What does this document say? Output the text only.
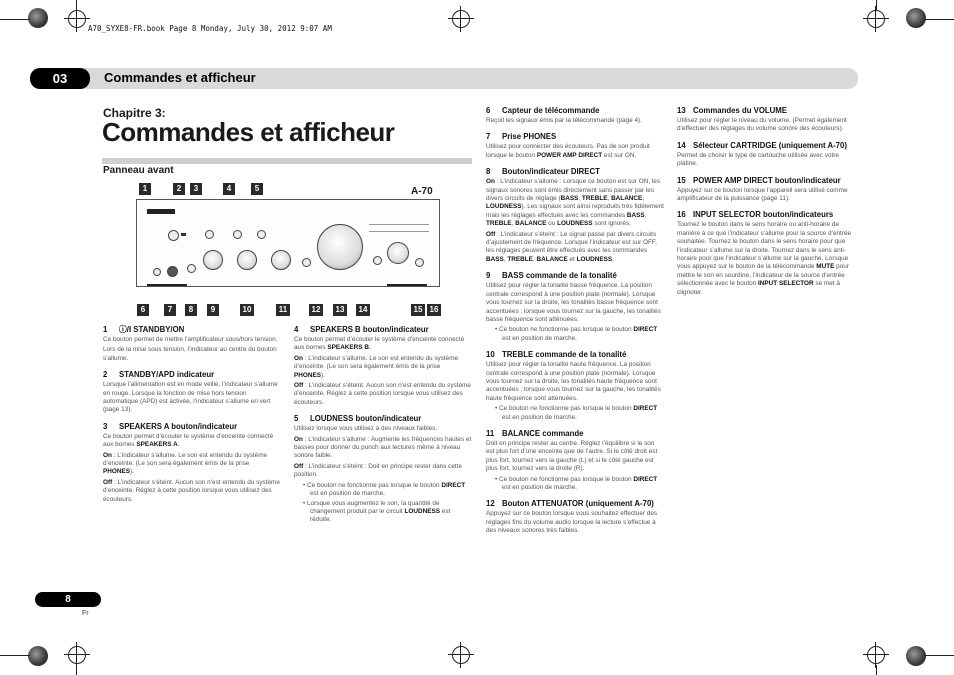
A70_SYXE8-FR.book Page 8 Monday, July 30, 2012 9:07 AM
03	Commandes et afficheur
Chapitre 3:
Commandes et afficheur
Panneau avant
A-70
1	2	3	4	5
6	7	8	9	10	11	12	13	14	15 16
1 ⓘ/I STANDBY/ON

Ce bouton permet de mettre l’amplificateur sous/hors tension.

Lors de la mise sous tension, l’indicateur au centre du bouton s’allume.

2 STANDBY/APD indicateur

Lorsque l’alimentation est en mode veille, l’indicateur s’allume en rouge. Lorsque la fonction de mise hors tension automatique (APD) est activée, l’indicateur s’allume en vert (page 13).

3 SPEAKERS A bouton/indicateur

Ce bouton permet d’écouter le système d’enceinte connecté aux bornes SPEAKERS A.

On : L’indicateur s’allume. Le son est entendu du système d’enceinte. (Le son sera également émis de la prise PHONES).

Off : L’indicateur s’éteint. Aucun son n’est entendu du système d’enceinte. Réglez à cette position lorsque vous utilisez des écouteurs.

4 SPEAKERS B bouton/indicateur

Ce bouton permet d’écouter le système d’enceinte connecté aux bornes SPEAKERS B.

On : L’indicateur s’allume. Le son est entendu du système d’enceinte. (Le son sera également émis de la prise PHONES).

Off : L’indicateur s’éteint. Aucun son n’est entendu du système d’enceinte. Réglez à cette position lorsque vous utilisez des écouteurs.

5 LOUDNESS bouton/indicateur

Utilisez lorsque vous utilisez à des niveaux faibles.

On : L’indicateur s’allume : Augmente les fréquences hautes et basses pour donner du punch aux lectures même à niveau sonore faible.

Off : L’indicateur s’éteint : Doit en principe rester dans cette position.

• Ce bouton ne fonctionne pas lorsque le bouton DIRECT est en position de marche.

• Lorsque vous augmentez le son, la quantité de changement produit par le circuit LOUDNESS est réduite.

6 Capteur de télécommande

Reçoit les signaux émis par la télécommande (page 4).

7 Prise PHONES

Utilisez pour connecter des écouteurs. Pas de son produit lorsque le bouton POWER AMP DIRECT est sur ON.

8 Bouton/indicateur DIRECT

On : L’indicateur s’allume : Lorsque ce bouton est sur ON, les signaux sonores sont émis directement sans passer par les divers circuits de réglage (BASS, TREBLE, BALANCE, LOUDNESS). Les signaux sont ainsi reproduits très fidèlement mais les réglages effectués avec les commandes BASS, TREBLE, BALANCE ou LOUDNESS sont ignorés.

Off : L’indicateur s’éteint : Le signal passe par divers circuits d’ajustement de fréquence. Lorsque l’indicateur est sur OFF, les réglages peuvent être effectués avec les commandes BASS, TREBLE, BALANCE et LOUDNESS.

9 BASS commande de la tonalité

Utilisez pour régler la tonalité basse fréquence. La position centrale correspond à une position plate (normale). Lorsque vous tournez sur la droite, les tonalités basse fréquence sont accentuées ; lorsque vous tournez sur la gauche, les tonalités basse fréquence sont atténuées.

• Ce bouton ne fonctionne pas lorsque le bouton DIRECT est en position de marche.

10 TREBLE commande de la tonalité

Utilisez pour régler la tonalité haute fréquence. La position centrale correspond à une position plate (normale). Lorsque vous tournez sur la droite, les tonalités haute fréquence sont accentuées ; lorsque vous tournez sur la gauche, les tonalités haute fréquence sont atténuées.

• Ce bouton ne fonctionne pas lorsque le bouton DIRECT est en position de marche.

11 BALANCE commande

Doit en principe rester au centre. Réglez l’équilibre si le son est plus fort d’une enceinte que de l’autre. Si le côté droit est plus fort, tournez vers la gauche (L) et si le côté gauche est plus fort, tournez vers la droite (R).

• Ce bouton ne fonctionne pas lorsque le bouton DIRECT est en position de marche.

12 Bouton ATTENUATOR (uniquement A-70)

Appuyez sur ce bouton lorsque vous souhaitez effectuer des réglages fins du volume audio lorsque la lecture s’effectue à des niveaux sonores très faibles.

13 Commandes du VOLUME

Utilisez pour régler le niveau du volume. (Permet également d’effectuer des réglages du volume sonore des écouteurs).

14 Sélecteur CARTRIDGE (uniquement A-70)

Permet de choisir le type de cartouche utilisée avec votre platine.

15 POWER AMP DIRECT bouton/indicateur

Appuyez sur ce bouton lorsque l’appareil sera utilisé comme amplificateur de la puissance (page 11).

16 INPUT SELECTOR bouton/indicateurs

Tournez le bouton dans le sens horaire ou anti-horaire de manière à ce que l’indicateur s’allume pour la source d’entrée souhaitée. Tournez le bouton dans le sens horaire pour que l’indicateur s’allume sur la droite. Tournez dans le sens anti-horaire pour que l’indicateur s’allume sur la gauche. Lorsque vous appuyez sur le bouton de la télécommande MUTE pour mettre le son en sourdine, l’indicateur de la source d’entrée sélectionnée avec le bouton INPUT SELECTOR se met à clignoter.

8
Fr
